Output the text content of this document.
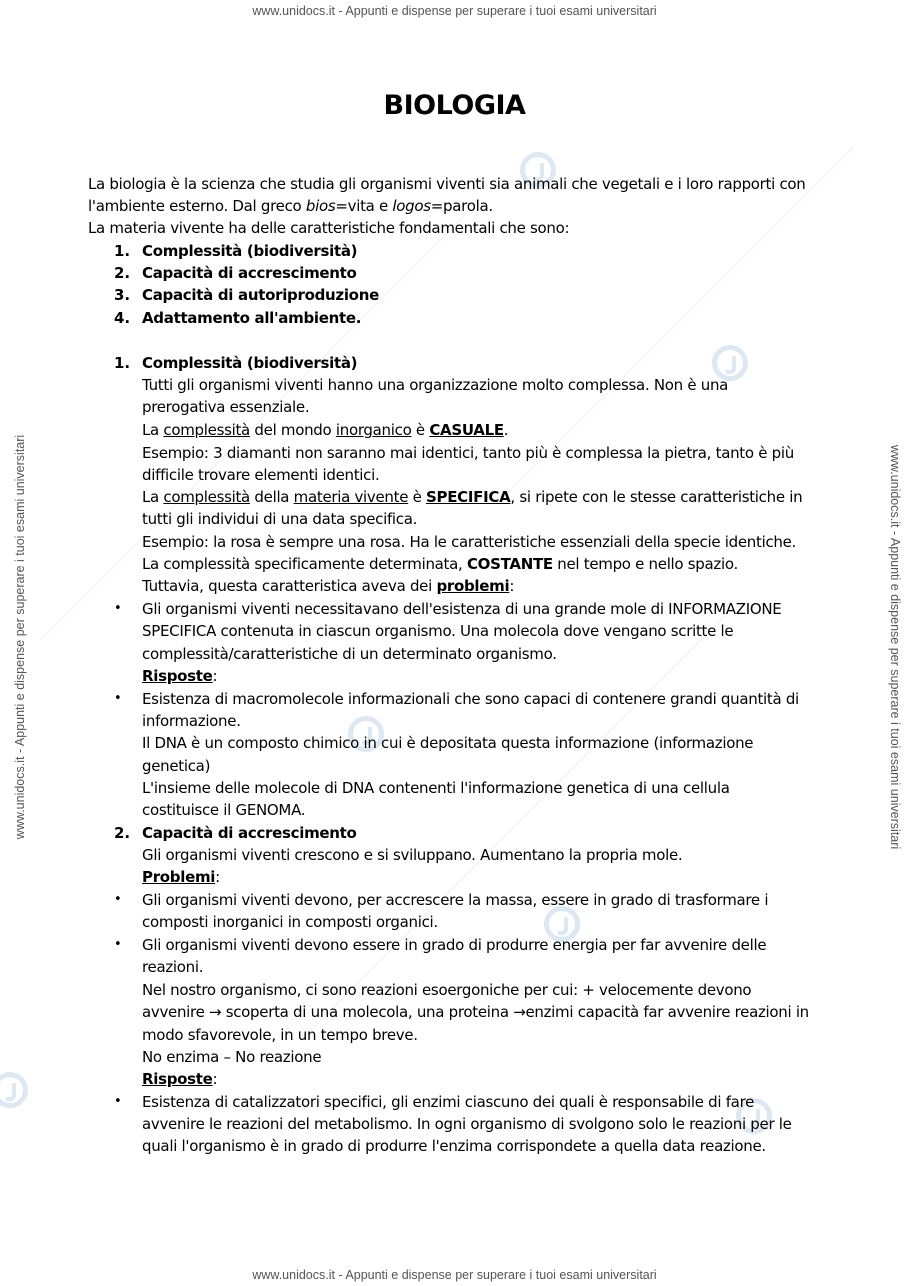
www.unidocs.it - Appunti e dispense per superare i tuoi esami universitari
www.unidocs.it - Appunti e dispense per superare i tuoi esami universitari
www.unidocs.it - Appunti e dispense per superare i tuoi esami universitari	www.unidocs.it - Appunti e dispense per superare i tuoi esami universitari
BIOLOGIA

La biologia è la scienza che studia gli organismi viventi sia animali che vegetali e i loro rapporti con

l'ambiente esterno. Dal greco bios=vita e logos=parola.

La materia vivente ha delle caratteristiche fondamentali che sono:

1. Complessità (biodiversità)

2. Capacità di accrescimento

3. Capacità di autoriproduzione

4. Adattamento all'ambiente.

1. Complessità (biodiversità)

Tutti gli organismi viventi hanno una organizzazione molto complessa. Non è una

prerogativa essenziale.

La complessità del mondo inorganico è CASUALE.

Esempio: 3 diamanti non saranno mai identici, tanto più è complessa la pietra, tanto è più

difficile trovare elementi identici.

La complessità della materia vivente è SPECIFICA, si ripete con le stesse caratteristiche in

tutti gli individui di una data specifica.

Esempio: la rosa è sempre una rosa. Ha le caratteristiche essenziali della specie identiche.

La complessità specificamente determinata, COSTANTE nel tempo e nello spazio.

Tuttavia, questa caratteristica aveva dei problemi:

• Gli organismi viventi necessitavano dell'esistenza di una grande mole di INFORMAZIONE

SPECIFICA contenuta in ciascun organismo. Una molecola dove vengano scritte le

complessità/caratteristiche di un determinato organismo.

Risposte:

• Esistenza di macromolecole informazionali che sono capaci di contenere grandi quantità di

informazione.

Il DNA è un composto chimico in cui è depositata questa informazione (informazione

genetica)

L'insieme delle molecole di DNA contenenti l'informazione genetica di una cellula

costituisce il GENOMA.

2. Capacità di accrescimento

Gli organismi viventi crescono e si sviluppano. Aumentano la propria mole.

Problemi:

• Gli organismi viventi devono, per accrescere la massa, essere in grado di trasformare i

composti inorganici in composti organici.

• Gli organismi viventi devono essere in grado di produrre energia per far avvenire delle

reazioni.

Nel nostro organismo, ci sono reazioni esoergoniche per cui: + velocemente devono

avvenire → scoperta di una molecola, una proteina →enzimi capacità far avvenire reazioni in

modo sfavorevole, in un tempo breve.

No enzima – No reazione

Risposte:

• Esistenza di catalizzatori specifici, gli enzimi ciascuno dei quali è responsabile di fare

avvenire le reazioni del metabolismo. In ogni organismo di svolgono solo le reazioni per le

quali l'organismo è in grado di produrre l'enzima corrispondete a quella data reazione.
